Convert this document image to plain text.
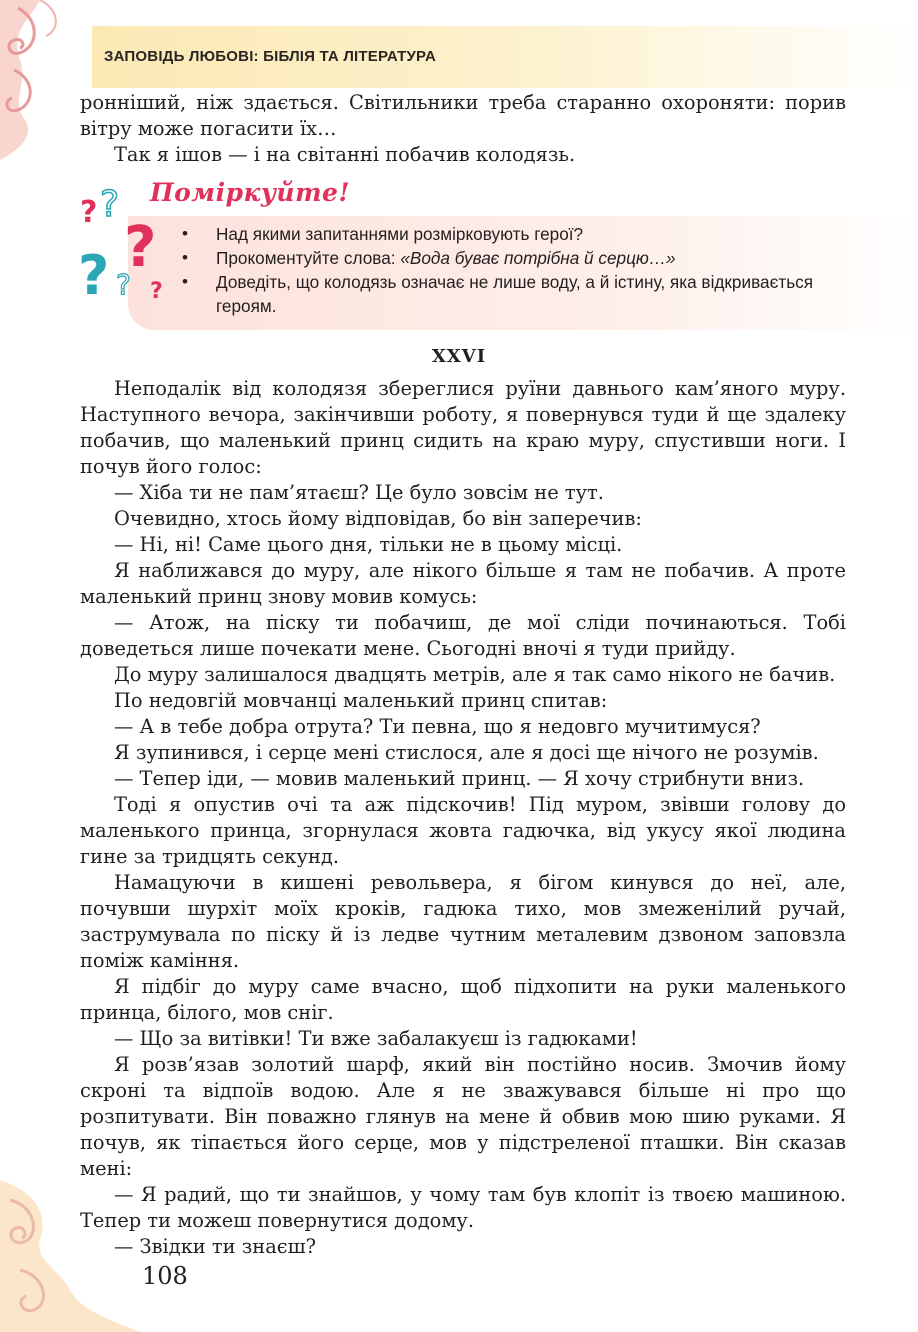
ЗАПОВІДЬ ЛЮБОВІ: БІБЛІЯ ТА ЛІТЕРАТУРА

ронніший, ніж здається. Світильники треба старанно охороняти: порив вітру може погасити їх…

Так я ішов — і на світанні побачив колодязь.

? ?
?
? ? ?
Поміркуйте!
• Над якими запитаннями розмірковують герої?
• Прокоментуйте слова: «Вода буває потрібна й серцю…»
• Доведіть, що колодязь означає не лише воду, а й істину, яка відкривається героям.
XXVI

Неподалік від колодязя збереглися руїни давнього кам’яного муру. Наступного вечора, закінчивши роботу, я повернувся туди й ще здалеку побачив, що маленький принц сидить на краю муру, спустивши ноги. І почув його голос:

— Хіба ти не пам’ятаєш? Це було зовсім не тут.

Очевидно, хтось йому відповідав, бо він заперечив:

— Ні, ні! Саме цього дня, тільки не в цьому місці.

Я наближався до муру, але нікого більше я там не побачив. А проте маленький принц знову мовив комусь:

— Атож, на піску ти побачиш, де мої сліди починаються. Тобі доведеться лише почекати мене. Сьогодні вночі я туди прийду.

До муру залишалося двадцять метрів, але я так само нікого не бачив.

По недовгій мовчанці маленький принц спитав:

— А в тебе добра отрута? Ти певна, що я недовго мучитимуся?

Я зупинився, і серце мені стислося, але я досі ще нічого не розумів.

— Тепер іди, — мовив маленький принц. — Я хочу стрибнути вниз.

Тоді я опустив очі та аж підскочив! Під муром, звівши голову до маленького принца, згорнулася жовта гадючка, від укусу якої людина гине за тридцять секунд.

Намацуючи в кишені револьвера, я бігом кинувся до неї, але, почувши шурхіт моїх кроків, гадюка тихо, мов змеженілий ручай, заструмувала по піску й із ледве чутним металевим дзвоном заповзла поміж каміння.

Я підбіг до муру саме вчасно, щоб підхопити на руки маленького принца, білого, мов сніг.

— Що за витівки! Ти вже забалакуєш із гадюками!

Я розв’язав золотий шарф, який він постійно носив. Змочив йому скроні та відпоїв водою. Але я не зважувався більше ні про що розпитувати. Він поважно глянув на мене й обвив мою шию руками. Я почув, як тіпається його серце, мов у підстреленої пташки. Він сказав мені:

— Я радий, що ти знайшов, у чому там був клопіт із твоєю машиною. Тепер ти можеш повернутися додому.

— Звідки ти знаєш?

108
